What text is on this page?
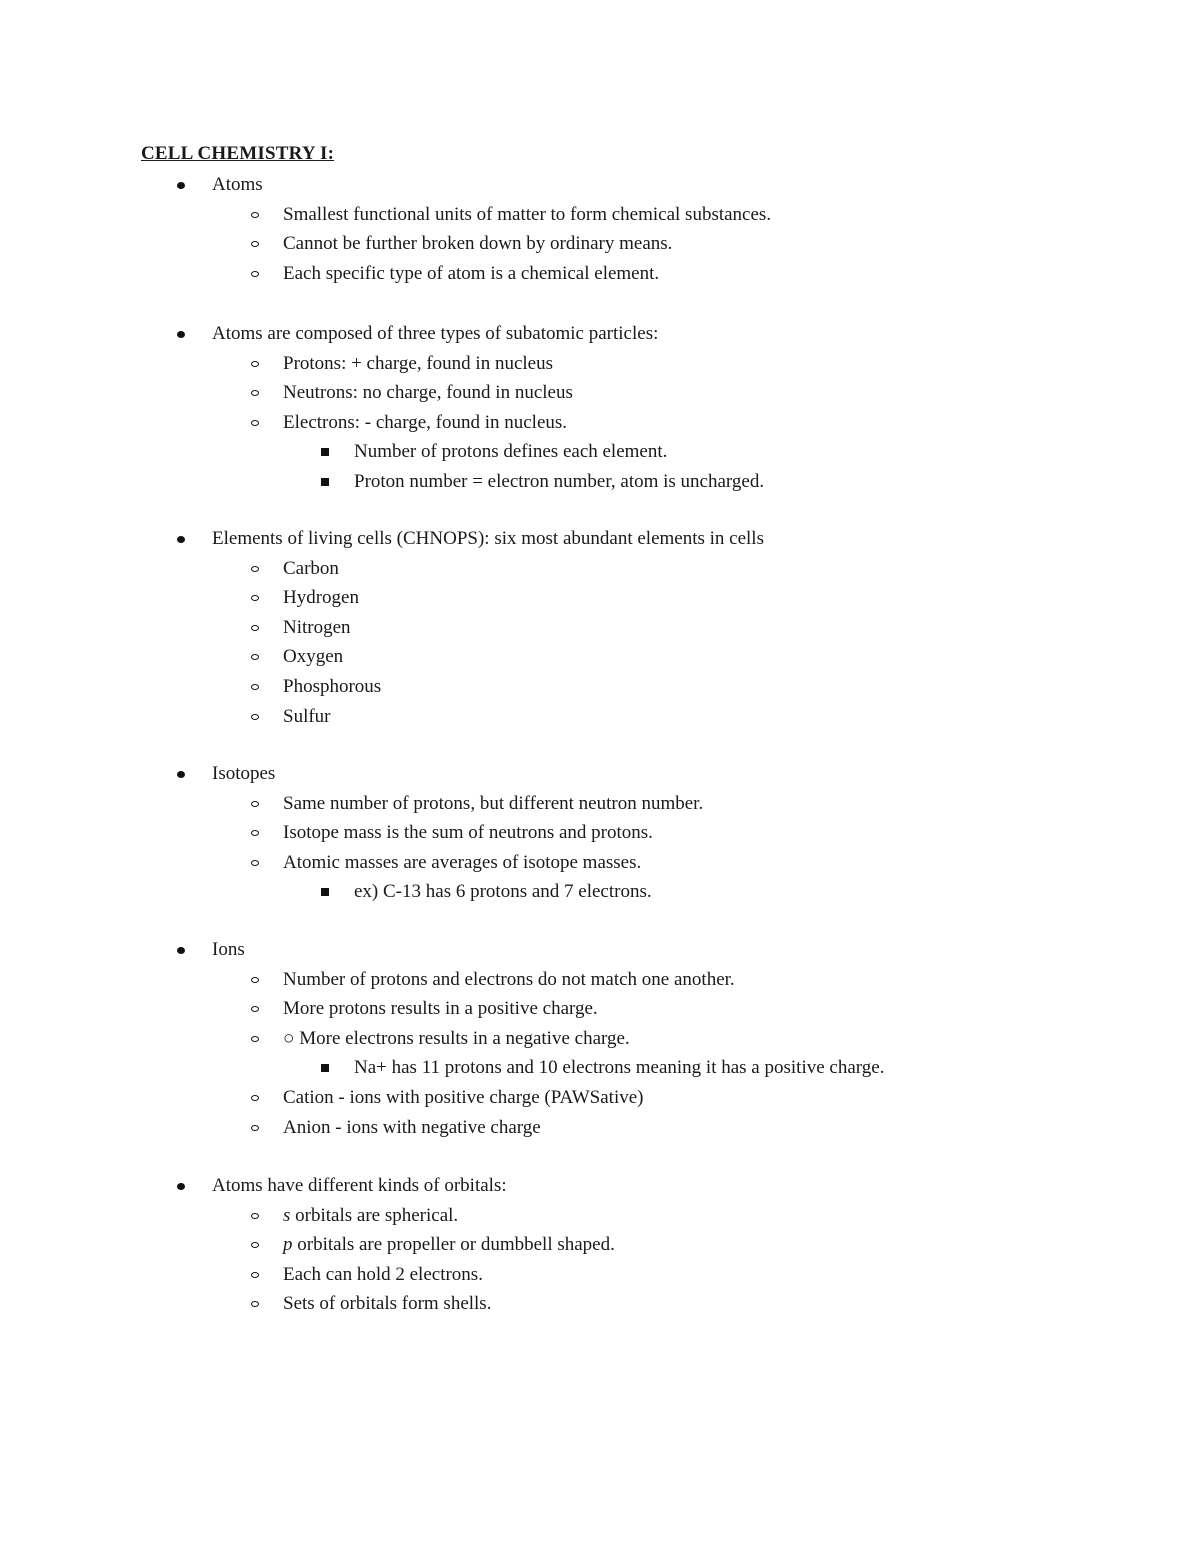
CELL CHEMISTRY I:
Atoms
Smallest functional units of matter to form chemical substances.
Cannot be further broken down by ordinary means.
Each specific type of atom is a chemical element.
Atoms are composed of three types of subatomic particles:
Protons: + charge, found in nucleus
Neutrons: no charge, found in nucleus
Electrons: - charge, found in nucleus.
Number of protons defines each element.
Proton number = electron number, atom is uncharged.
Elements of living cells (CHNOPS): six most abundant elements in cells
Carbon
Hydrogen
Nitrogen
Oxygen
Phosphorous
Sulfur
Isotopes
Same number of protons, but different neutron number.
Isotope mass is the sum of neutrons and protons.
Atomic masses are averages of isotope masses.
ex) C-13 has 6 protons and 7 electrons.
Ions
Number of protons and electrons do not match one another.
More protons results in a positive charge.
○ More electrons results in a negative charge.
Na+ has 11 protons and 10 electrons meaning it has a positive charge.
Cation - ions with positive charge (PAWSative)
Anion - ions with negative charge
Atoms have different kinds of orbitals:
s orbitals are spherical.
p orbitals are propeller or dumbbell shaped.
Each can hold 2 electrons.
Sets of orbitals form shells.
